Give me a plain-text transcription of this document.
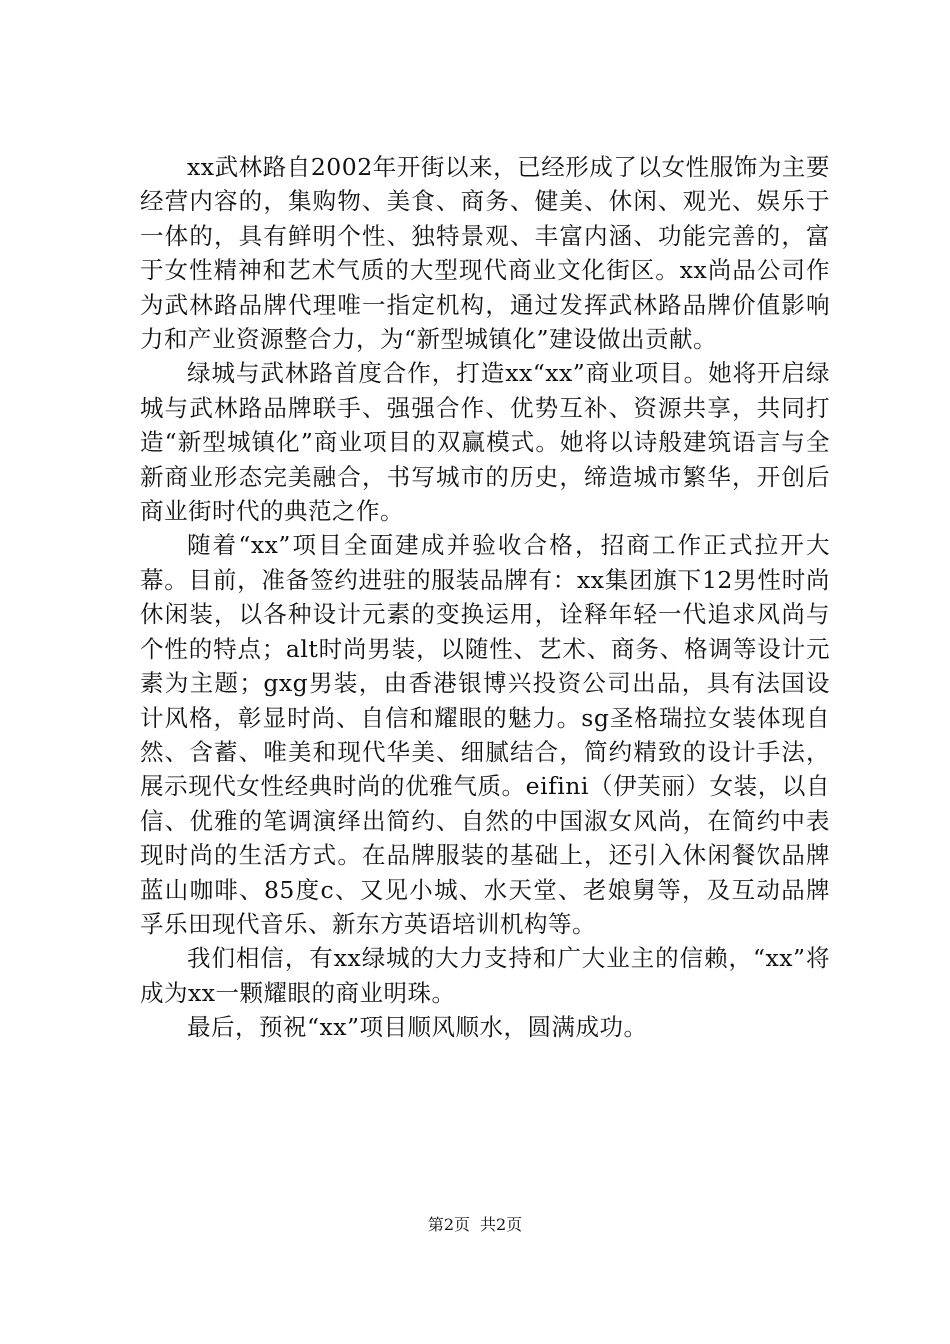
xx武林路自2002年开街以来，已经形成了以女性服饰为主要经营内容的，集购物、美食、商务、健美、休闲、观光、娱乐于一体的，具有鲜明个性、独特景观、丰富内涵、功能完善的，富于女性精神和艺术气质的大型现代商业文化街区。xx尚品公司作为武林路品牌代理唯一指定机构，通过发挥武林路品牌价值影响力和产业资源整合力，为“新型城镇化”建设做出贡献。

绿城与武林路首度合作，打造xx“xx”商业项目。她将开启绿城与武林路品牌联手、强强合作、优势互补、资源共享，共同打造“新型城镇化”商业项目的双赢模式。她将以诗般建筑语言与全新商业形态完美融合，书写城市的历史，缔造城市繁华，开创后商业街时代的典范之作。

随着“xx”项目全面建成并验收合格，招商工作正式拉开大幕。目前，准备签约进驻的服装品牌有：xx集团旗下12男性时尚休闲装，以各种设计元素的变换运用，诠释年轻一代追求风尚与个性的特点；alt时尚男装，以随性、艺术、商务、格调等设计元素为主题；gxg男装，由香港银博兴投资公司出品，具有法国设计风格，彰显时尚、自信和耀眼的魅力。sg圣格瑞拉女装体现自然、含蓄、唯美和现代华美、细腻结合，简约精致的设计手法，展示现代女性经典时尚的优雅气质。eifini（伊芙丽）女装，以自信、优雅的笔调演绎出简约、自然的中国淑女风尚，在简约中表现时尚的生活方式。在品牌服装的基础上，还引入休闲餐饮品牌蓝山咖啡、85度c、又见小城、水天堂、老娘舅等，及互动品牌孚乐田现代音乐、新东方英语培训机构等。

我们相信，有xx绿城的大力支持和广大业主的信赖，“xx”将成为xx一颗耀眼的商业明珠。

最后，预祝“xx”项目顺风顺水，圆满成功。

第2页 共2页
